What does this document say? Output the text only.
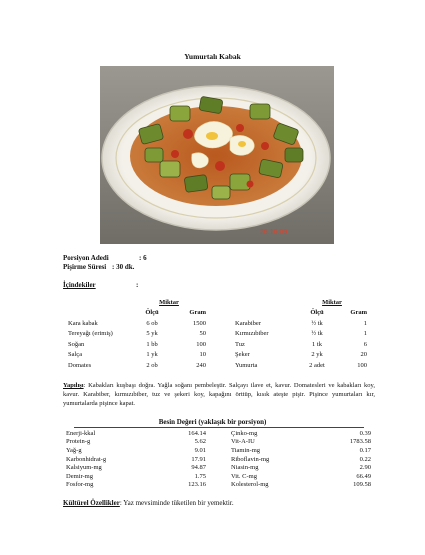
Yumurtalı Kabak
26.10.09
Porsiyon Adedi	: 6
Pişirme Süresi : 30 dk.
İçindekiler	:
	Miktar	
	Ölçü	Gram
Kara kabak	6 ob	1500
Tereyağı (erimiş)	5 yk	50
Soğan	1 bb	100
Salça	1 yk	10
Domates	2 ob	240
	Miktar	
	Ölçü	Gram
Karabiber	½ tk	1
Kırmızıbiber	½ tk	1
Tuz	1 tk	6
Şeker	2 yk	20
Yumurta	2 adet	100
Yapılışı: Kabakları kuşbaşı doğra. Yağla soğanı pembeleştir. Salçayı ilave et, kavur. Domatesleri ve kabakları koy, kavur. Karabiber, kırmızıbiber, tuz ve şekeri koy, kapağını örttüp, kısık ateşte pişir. Pişince yumurtaları kır, yumurtalarda pişince kapat.
Besin Değeri (yaklaşık bir porsiyon)
Enerji-kkal	164.14
Protein-g	5.62
Yağ-g	9.01
Karbonhidrat-g	17.91
Kalsiyum-mg	94.87
Demir-mg	1.75
Fosfor-mg	123.16
Çinko-mg	0.39
Vit-A-IU	1783.58
Tiamin-mg	0.17
Riboflavin-mg	0.22
Niasin-mg	2.90
Vit. C-mg	66.49
Kolesterol-mg	109.58
Kültürel Özellikler: Yaz mevsiminde tüketilen bir yemektir.
